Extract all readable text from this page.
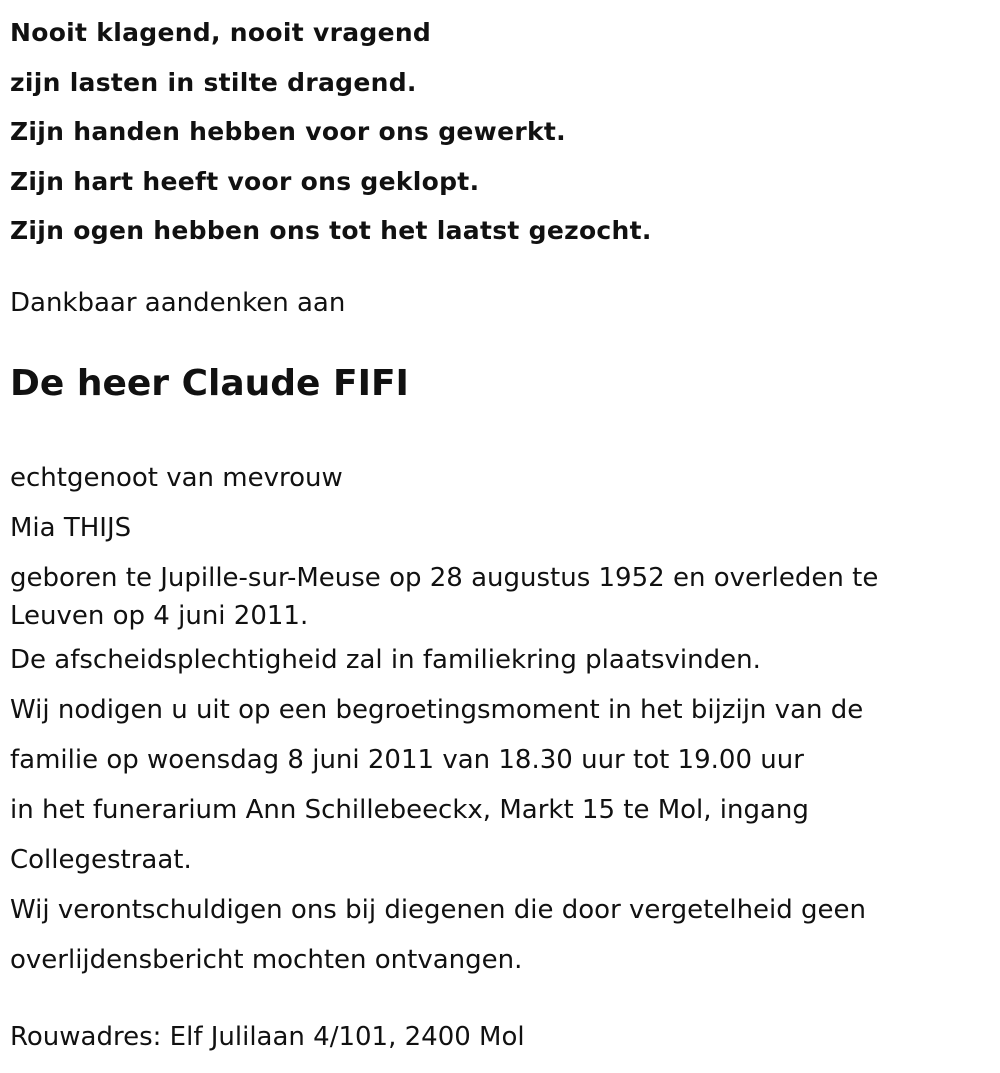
Nooit klagend, nooit vragend
zijn lasten in stilte dragend.
Zijn handen hebben voor ons gewerkt.
Zijn hart heeft voor ons geklopt.
Zijn ogen hebben ons tot het laatst gezocht.
Dankbaar aandenken aan
De heer Claude FIFI
echtgenoot van mevrouw
Mia THIJS
geboren te Jupille-sur-Meuse op 28 augustus 1952 en overleden te Leuven op 4 juni 2011.
De afscheidsplechtigheid zal in familiekring plaatsvinden.
Wij nodigen u uit op een begroetingsmoment in het bijzijn van de
familie op woensdag 8 juni 2011 van 18.30 uur tot 19.00 uur
in het funerarium Ann Schillebeeckx, Markt 15 te Mol, ingang
Collegestraat.
Wij verontschuldigen ons bij diegenen die door vergetelheid geen
overlijdensbericht mochten ontvangen.
Rouwadres: Elf Julilaan 4/101, 2400 Mol
